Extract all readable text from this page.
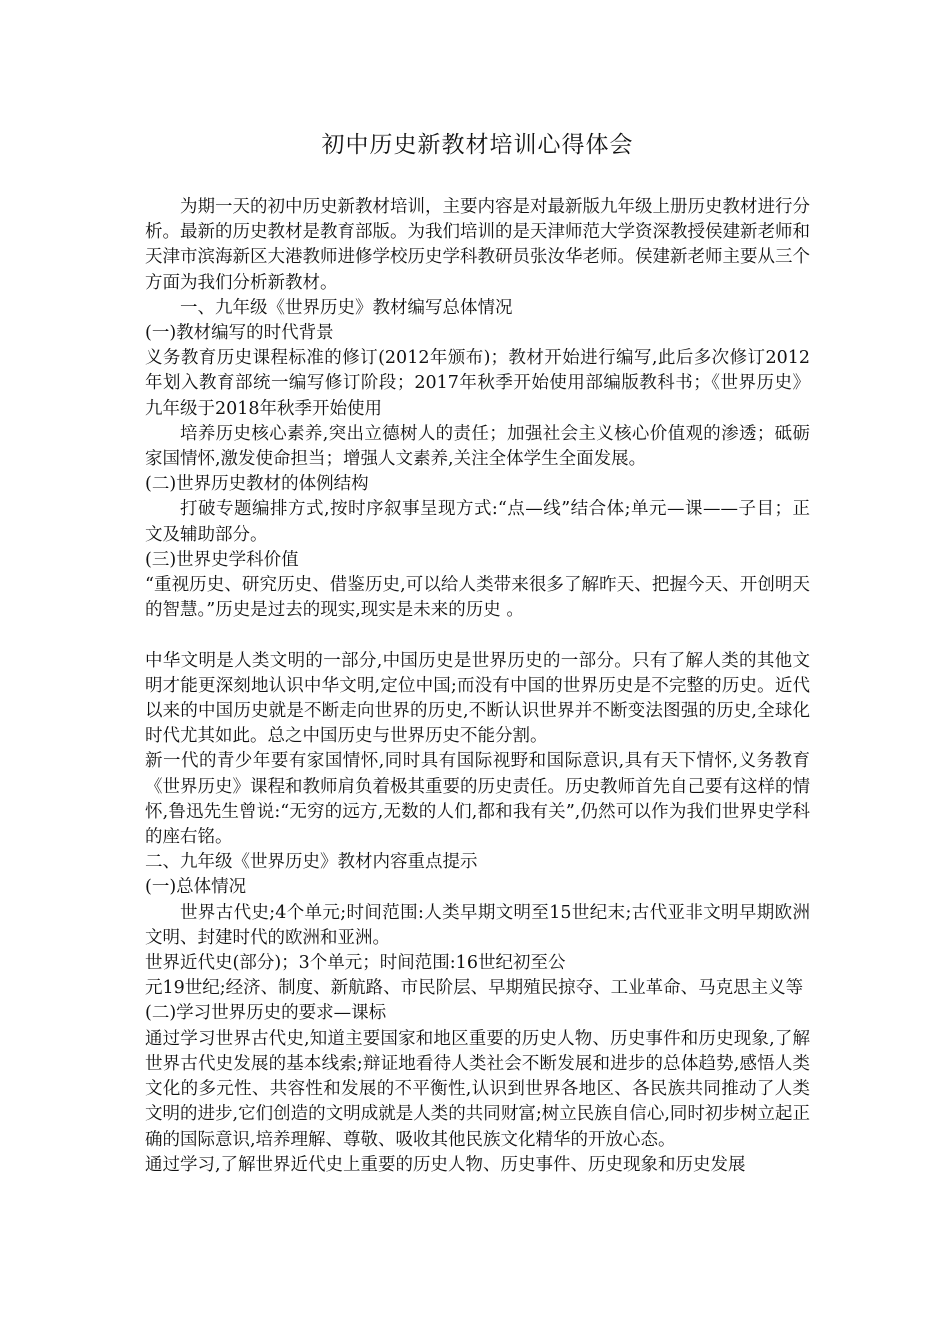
初中历史新教材培训心得体会

为期一天的初中历史新教材培训，主要内容是对最新版九年级上册历史教材进行分析。最新的历史教材是教育部版。为我们培训的是天津师范大学资深教授侯建新老师和天津市滨海新区大港教师进修学校历史学科教研员张汝华老师。侯建新老师主要从三个方面为我们分析新教材。

一、九年级《世界历史》教材编写总体情况

(一)教材编写的时代背景

义务教育历史课程标准的修订(2012年颁布)；教材开始进行编写,此后多次修订2012年划入教育部统一编写修订阶段；2017年秋季开始使用部编版教科书；《世界历史》九年级于2018年秋季开始使用

培养历史核心素养,突出立德树人的责任；加强社会主义核心价值观的渗透；砥砺家国情怀,激发使命担当；增强人文素养,关注全体学生全面发展。

(二)世界历史教材的体例结构

打破专题编排方式,按时序叙事呈现方式:“点—线”结合体;单元—课——子目；正文及辅助部分。

(三)世界史学科价值

“重视历史、研究历史、借鉴历史,可以给人类带来很多了解昨天、把握今天、开创明天的智慧。”历史是过去的现实,现实是未来的历史 。

中华文明是人类文明的一部分,中国历史是世界历史的一部分。只有了解人类的其他文明才能更深刻地认识中华文明,定位中国;而没有中国的世界历史是不完整的历史。近代以来的中国历史就是不断走向世界的历史,不断认识世界并不断变法图强的历史,全球化时代尤其如此。总之中国历史与世界历史不能分割。

新一代的青少年要有家国情怀,同时具有国际视野和国际意识,具有天下情怀,义务教育《世界历史》课程和教师肩负着极其重要的历史责任。历史教师首先自己要有这样的情怀,鲁迅先生曾说:“无穷的远方,无数的人们,都和我有关”,仍然可以作为我们世界史学科的座右铭。

二、九年级《世界历史》教材内容重点提示

(一)总体情况

世界古代史;4个单元;时间范围:人类早期文明至15世纪末;古代亚非文明早期欧洲文明、封建时代的欧洲和亚洲。

世界近代史(部分)；3个单元；时间范围:16世纪初至公

元19世纪;经济、制度、新航路、市民阶层、早期殖民掠夺、工业革命、马克思主义等

(二)学习世界历史的要求—课标

通过学习世界古代史,知道主要国家和地区重要的历史人物、历史事件和历史现象,了解世界古代史发展的基本线索;辩证地看待人类社会不断发展和进步的总体趋势,感悟人类文化的多元性、共容性和发展的不平衡性,认识到世界各地区、各民族共同推动了人类文明的进步,它们创造的文明成就是人类的共同财富;树立民族自信心,同时初步树立起正确的国际意识,培养理解、尊敬、吸收其他民族文化精华的开放心态。

通过学习,了解世界近代史上重要的历史人物、历史事件、历史现象和历史发展
